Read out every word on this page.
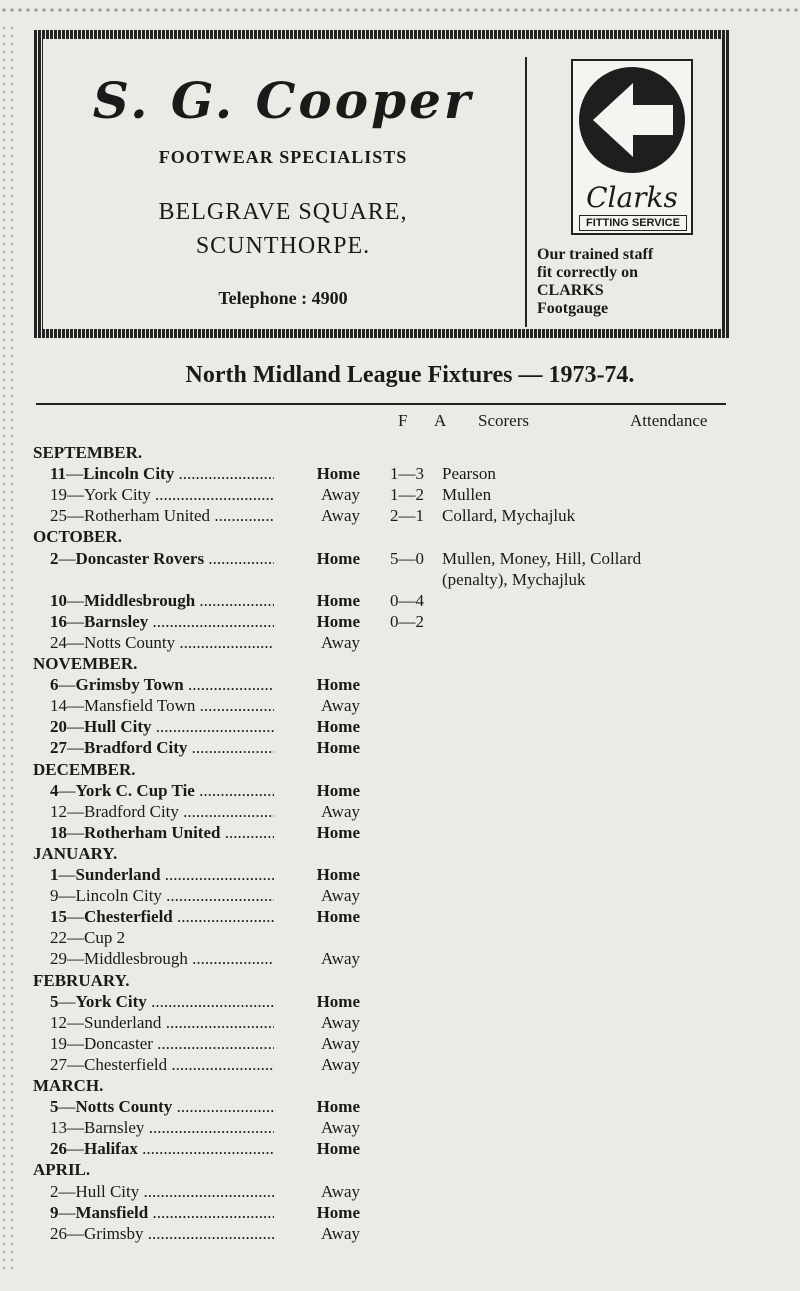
S. G. Cooper
FOOTWEAR SPECIALISTS
BELGRAVE SQUARE,
SCUNTHORPE.
Telephone : 4900
Clarks
FITTING SERVICE
Our trained staff
fit correctly on
CLARKS
Footgauge
North Midland League Fixtures — 1973-74.
F A Scorers	Attendance
SEPTEMBER.
11—Lincoln City .....	Home 1—3 Pearson
19—York City .....	Away 1—2 Mullen
25—Rotherham United .....	Away 2—1 Collard, Mychajluk
OCTOBER.
2—Doncaster Rovers .....	Home 5—0 Mullen, Money, Hill, Collard
(penalty), Mychajluk
10—Middlesbrough .....	Home 0—4
16—Barnsley .....	Home 0—2
24—Notts County .....	Away
NOVEMBER.
6—Grimsby Town .....	Home
14—Mansfield Town .....	Away
20—Hull City .....	Home
27—Bradford City .....	Home
DECEMBER.
4—York C. Cup Tie .....	Home
12—Bradford City .....	Away
18—Rotherham United .....	Home
JANUARY.
1—Sunderland .....	Home
9—Lincoln City .....	Away
15—Chesterfield .....	Home
22—Cup 2
29—Middlesbrough .....	Away
FEBRUARY.
5—York City .....	Home
12—Sunderland .....	Away
19—Doncaster .....	Away
27—Chesterfield .....	Away
MARCH.
5—Notts County .....	Home
13—Barnsley .....	Away
26—Halifax .....	Home
APRIL.
2—Hull City .....	Away
9—Mansfield .....	Home
26—Grimsby .....	Away
